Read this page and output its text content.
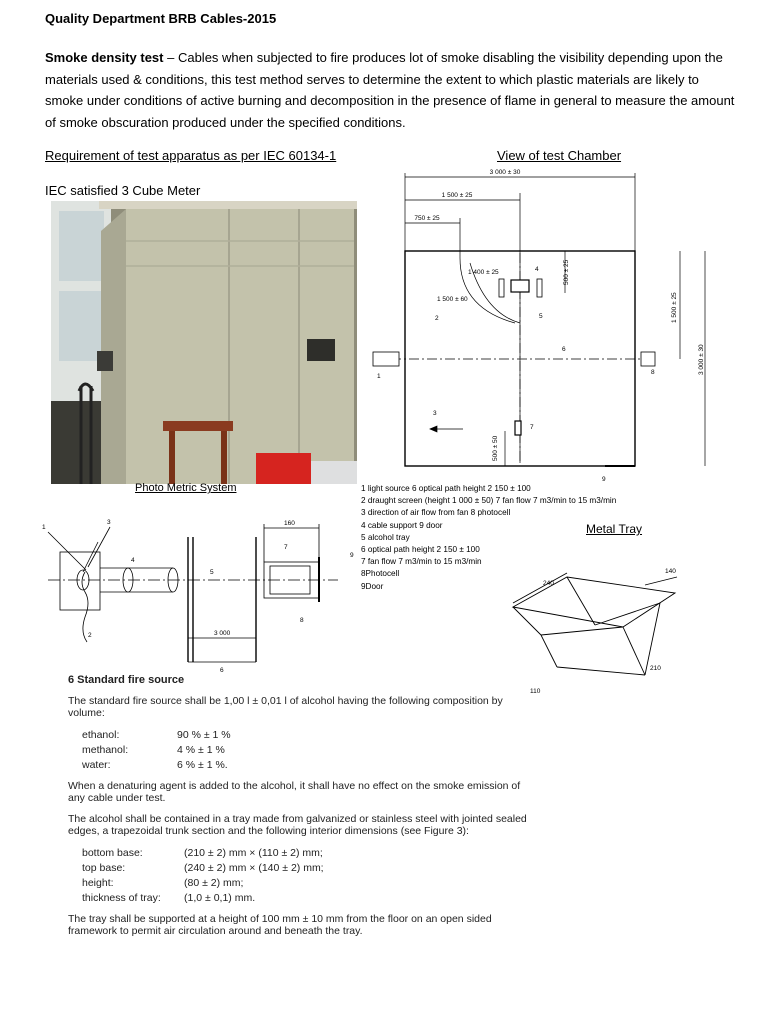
Quality Department BRB Cables-2015
Smoke density test – Cables when subjected to fire produces lot of smoke disabling the visibility depending upon the materials used & conditions, this test method serves to determine the extent to which plastic materials are likely to smoke under conditions of active burning and decomposition in the presence of flame in general to measure the amount of smoke obscuration produced under the specified conditions.
Requirement of test apparatus as per IEC 60134-1	View of test Chamber
IEC satisfied 3 Cube Meter
Photo Metric System
3 000 ± 30
1 500 ± 25
750 ± 25
1 400 ± 25
1 500 ± 60
500 ± 25
1 500 ± 25
3 000 ± 30
500 ± 50
1
2
3
4
5
6
7
8
9
1 light source 6 optical path height 2 150 ± 100
2 draught screen (height 1 000 ± 50) 7 fan flow 7 m3/min to 15 m3/min
3 direction of air flow from fan 8 photocell
4 cable support 9 door
5 alcohol tray
6 optical path height 2 150 ± 100
7 fan flow 7 m3/min to 15 m3/min
8Photocell
9Door
Metal Tray
1
2
3
4
5
6
7
8
9
160
3 000
240
140
210
110
6 Standard fire source

The standard fire source shall be 1,00 l ± 0,01 l of alcohol having the following composition by volume:

ethanol:	90 % ± 1 %
methanol:	4 % ± 1 %
water:	6 % ± 1 %.

When a denaturing agent is added to the alcohol, it shall have no effect on the smoke emission of any cable under test.

The alcohol shall be contained in a tray made from galvanized or stainless steel with jointed sealed edges, a trapezoidal trunk section and the following interior dimensions (see Figure 3):

bottom base:	(210 ± 2) mm × (110 ± 2) mm;
top base:	(240 ± 2) mm × (140 ± 2) mm;
height:	(80 ± 2) mm;
thickness of tray:	(1,0 ± 0,1) mm.

The tray shall be supported at a height of 100 mm ± 10 mm from the floor on an open sided framework to permit air circulation around and beneath the tray.
